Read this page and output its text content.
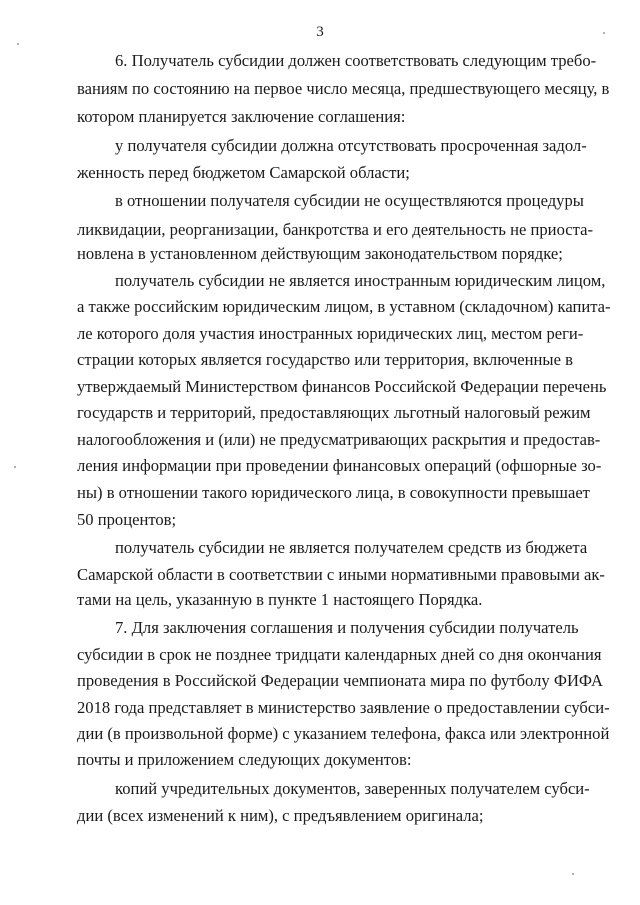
3
6. Получатель субсидии должен соответствовать следующим требо-
ваниям по состоянию на первое число месяца, предшествующего месяцу, в
котором планируется заключение соглашения:
у получателя субсидии должна отсутствовать просроченная задол-
женность перед бюджетом Самарской области;
в отношении получателя субсидии не осуществляются процедуры
ликвидации, реорганизации, банкротства и его деятельность не приоста-
новлена в установленном действующим законодательством порядке;
получатель субсидии не является иностранным юридическим лицом,
а также российским юридическим лицом, в уставном (складочном) капита-
ле которого доля участия иностранных юридических лиц, местом реги-
страции которых является государство или территория, включенные в
утверждаемый Министерством финансов Российской Федерации перечень
государств и территорий, предоставляющих льготный налоговый режим
налогообложения и (или) не предусматривающих раскрытия и предостав-
ления информации при проведении финансовых операций (офшорные зо-
ны) в отношении такого юридического лица, в совокупности превышает
50 процентов;
получатель субсидии не является получателем средств из бюджета
Самарской области в соответствии с иными нормативными правовыми ак-
тами на цель, указанную в пункте 1 настоящего Порядка.
7. Для заключения соглашения и получения субсидии получатель
субсидии в срок не позднее тридцати календарных дней со дня окончания
проведения в Российской Федерации чемпионата мира по футболу ФИФА
2018 года представляет в министерство заявление о предоставлении субси-
дии (в произвольной форме) с указанием телефона, факса или электронной
почты и приложением следующих документов:
копий учредительных документов, заверенных получателем субси-
дии (всех изменений к ним), с предъявлением оригинала;
